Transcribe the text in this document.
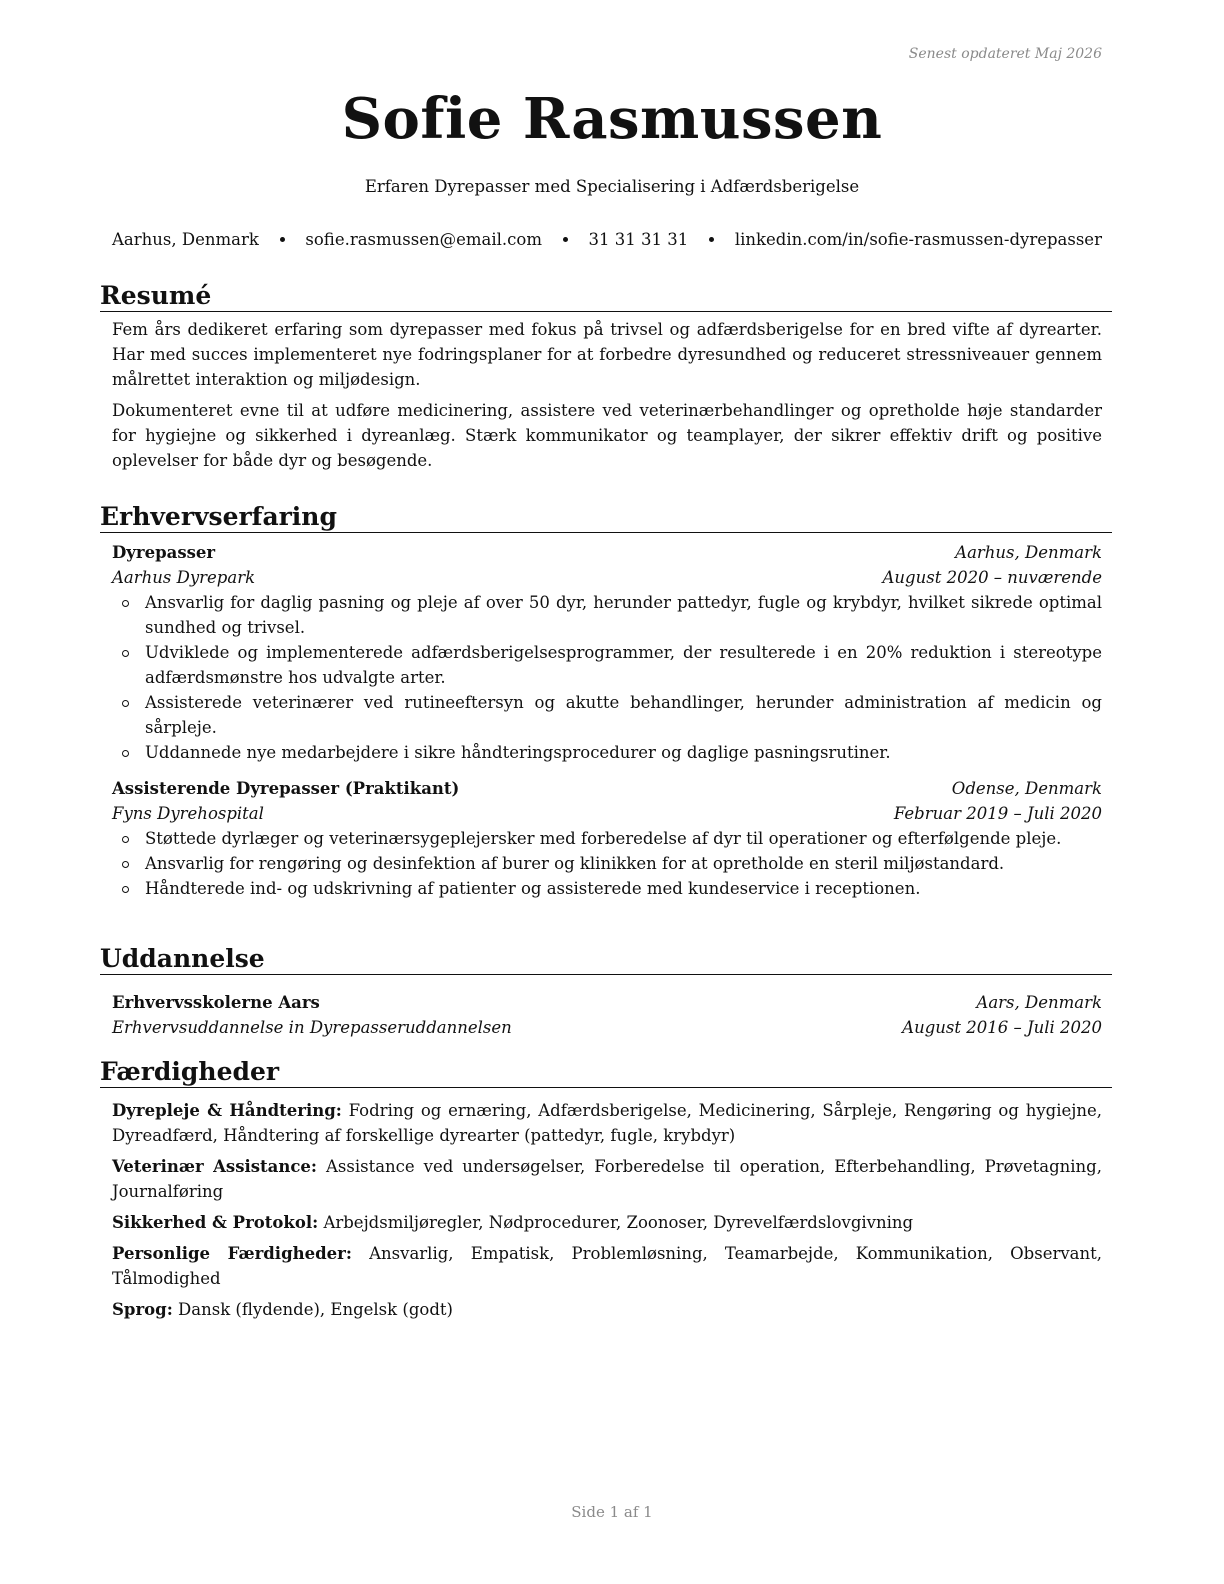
Senest opdateret Maj 2026
Sofie Rasmussen
Erfaren Dyrepasser med Specialisering i Adfærdsberigelse
Aarhus, Denmark	sofie.rasmussen@email.com	31 31 31 31	linkedin.com/in/sofie-rasmussen-dyrepasser
Resumé
Fem års dedikeret erfaring som dyrepasser med fokus på trivsel og adfærdsberigelse for en bred vifte af dyrearter. Har med succes implementeret nye fodringsplaner for at forbedre dyresundhed og reduceret stressniveauer gennem målrettet interaktion og miljødesign.
Dokumenteret evne til at udføre medicinering, assistere ved veterinærbehandlinger og opretholde høje standarder for hygiejne og sikkerhed i dyreanlæg. Stærk kommunikator og teamplayer, der sikrer effektiv drift og positive oplevelser for både dyr og besøgende.
Erhvervserfaring
Dyrepasser	Aarhus, Denmark
Aarhus Dyrepark	August 2020 – nuværende
Ansvarlig for daglig pasning og pleje af over 50 dyr, herunder pattedyr, fugle og krybdyr, hvilket sikrede optimal sundhed og trivsel.
Udviklede og implementerede adfærdsberigelsesprogrammer, der resulterede i en 20% reduktion i stereotype adfærdsmønstre hos udvalgte arter.
Assisterede veterinærer ved rutineeftersyn og akutte behandlinger, herunder administration af medicin og sårpleje.
Uddannede nye medarbejdere i sikre håndteringsprocedurer og daglige pasningsrutiner.
Assisterende Dyrepasser (Praktikant)	Odense, Denmark
Fyns Dyrehospital	Februar 2019 – Juli 2020
Støttede dyrlæger og veterinærsygeplejersker med forberedelse af dyr til operationer og efterfølgende pleje.
Ansvarlig for rengøring og desinfektion af burer og klinikken for at opretholde en steril miljøstandard.
Håndterede ind- og udskrivning af patienter og assisterede med kundeservice i receptionen.
Uddannelse
Erhvervsskolerne Aars	Aars, Denmark
Erhvervsuddannelse in Dyrepasseruddannelsen	August 2016 – Juli 2020
Færdigheder
Dyrepleje & Håndtering: Fodring og ernæring, Adfærdsberigelse, Medicinering, Sårpleje, Rengøring og hygiejne, Dyreadfærd, Håndtering af forskellige dyrearter (pattedyr, fugle, krybdyr)
Veterinær Assistance: Assistance ved undersøgelser, Forberedelse til operation, Efterbehandling, Prøvetagning, Journalføring
Sikkerhed & Protokol: Arbejdsmiljøregler, Nødprocedurer, Zoonoser, Dyrevelfærdslovgivning
Personlige Færdigheder: Ansvarlig, Empatisk, Problemløsning, Teamarbejde, Kommunikation, Observant, Tålmodighed
Sprog: Dansk (flydende), Engelsk (godt)
Side 1 af 1
